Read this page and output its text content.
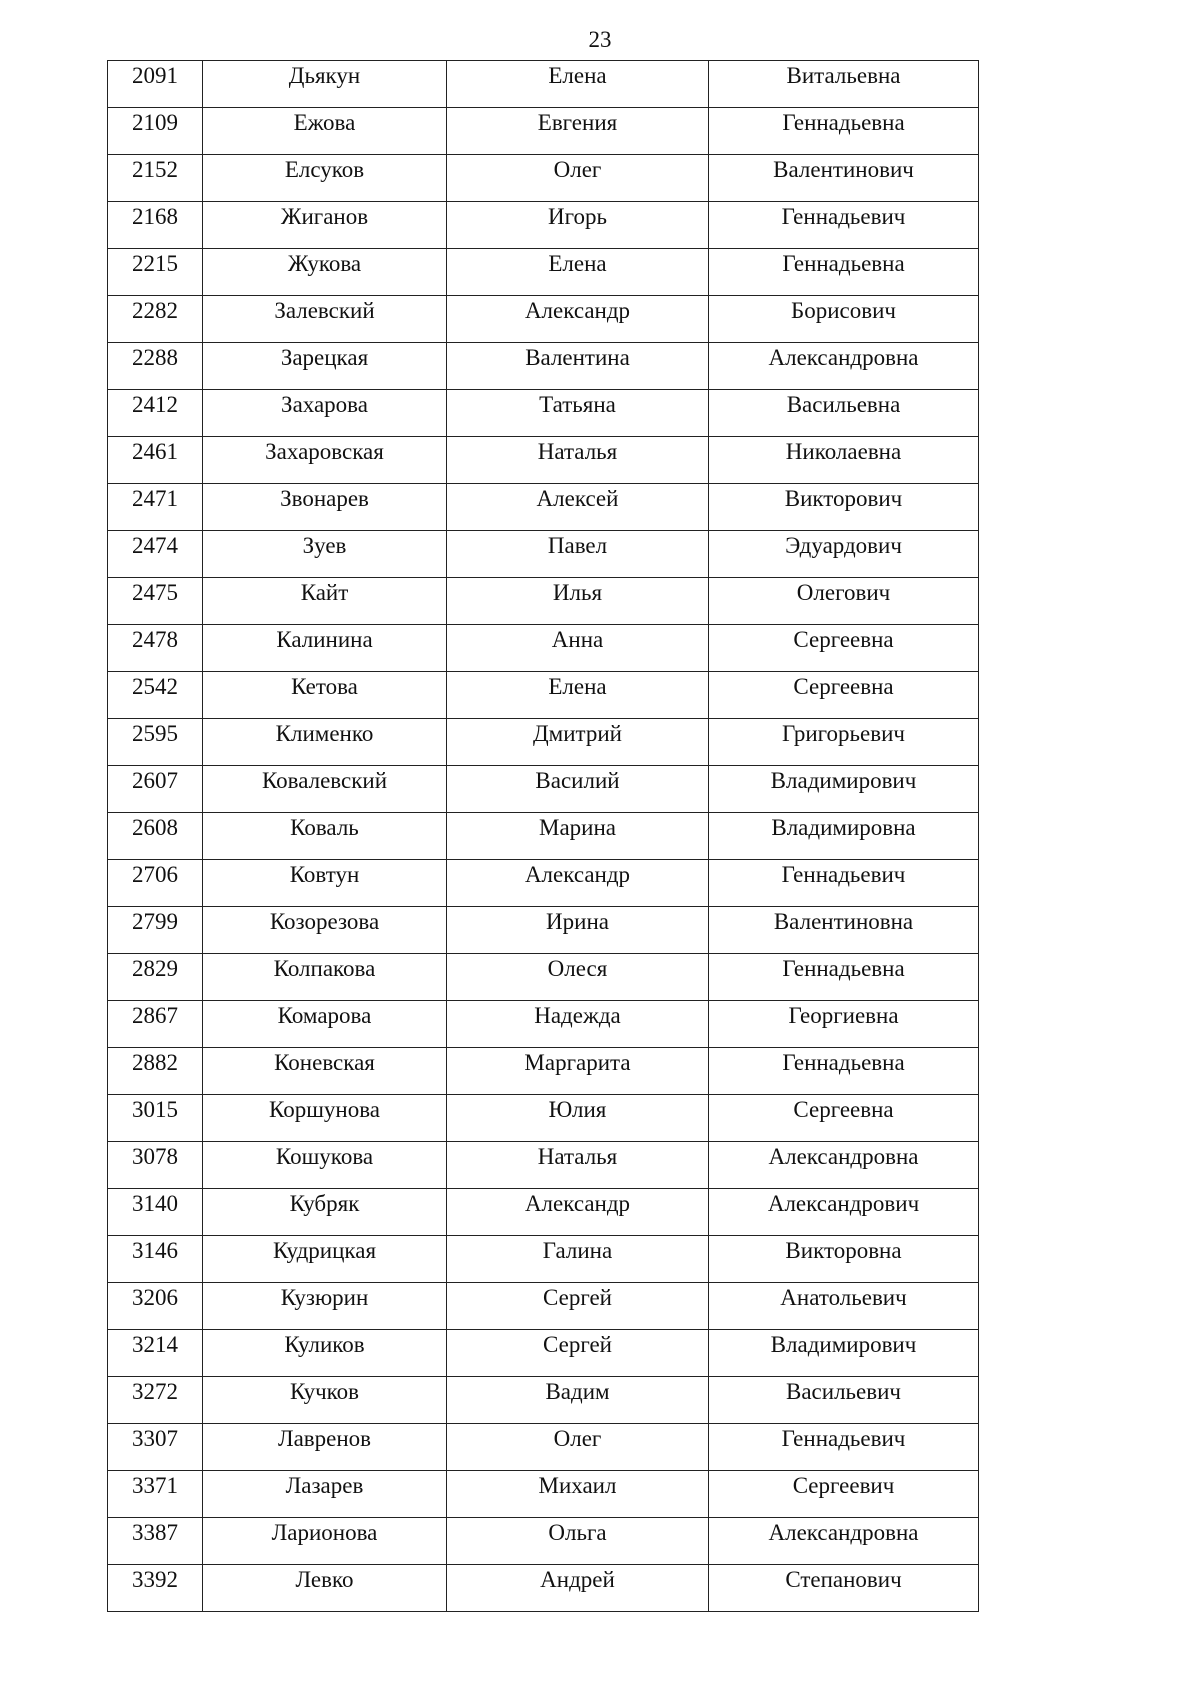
23
2091	Дьякун	Елена	Витальевна
2109	Ежова	Евгения	Геннадьевна
2152	Елсуков	Олег	Валентинович
2168	Жиганов	Игорь	Геннадьевич
2215	Жукова	Елена	Геннадьевна
2282	Залевский	Александр	Борисович
2288	Зарецкая	Валентина	Александровна
2412	Захарова	Татьяна	Васильевна
2461	Захаровская	Наталья	Николаевна
2471	Звонарев	Алексей	Викторович
2474	Зуев	Павел	Эдуардович
2475	Кайт	Илья	Олегович
2478	Калинина	Анна	Сергеевна
2542	Кетова	Елена	Сергеевна
2595	Клименко	Дмитрий	Григорьевич
2607	Ковалевский	Василий	Владимирович
2608	Коваль	Марина	Владимировна
2706	Ковтун	Александр	Геннадьевич
2799	Козорезова	Ирина	Валентиновна
2829	Колпакова	Олеся	Геннадьевна
2867	Комарова	Надежда	Георгиевна
2882	Коневская	Маргарита	Геннадьевна
3015	Коршунова	Юлия	Сергеевна
3078	Кошукова	Наталья	Александровна
3140	Кубряк	Александр	Александрович
3146	Кудрицкая	Галина	Викторовна
3206	Кузюрин	Сергей	Анатольевич
3214	Куликов	Сергей	Владимирович
3272	Кучков	Вадим	Васильевич
3307	Лавренов	Олег	Геннадьевич
3371	Лазарев	Михаил	Сергеевич
3387	Ларионова	Ольга	Александровна
3392	Левко	Андрей	Степанович
